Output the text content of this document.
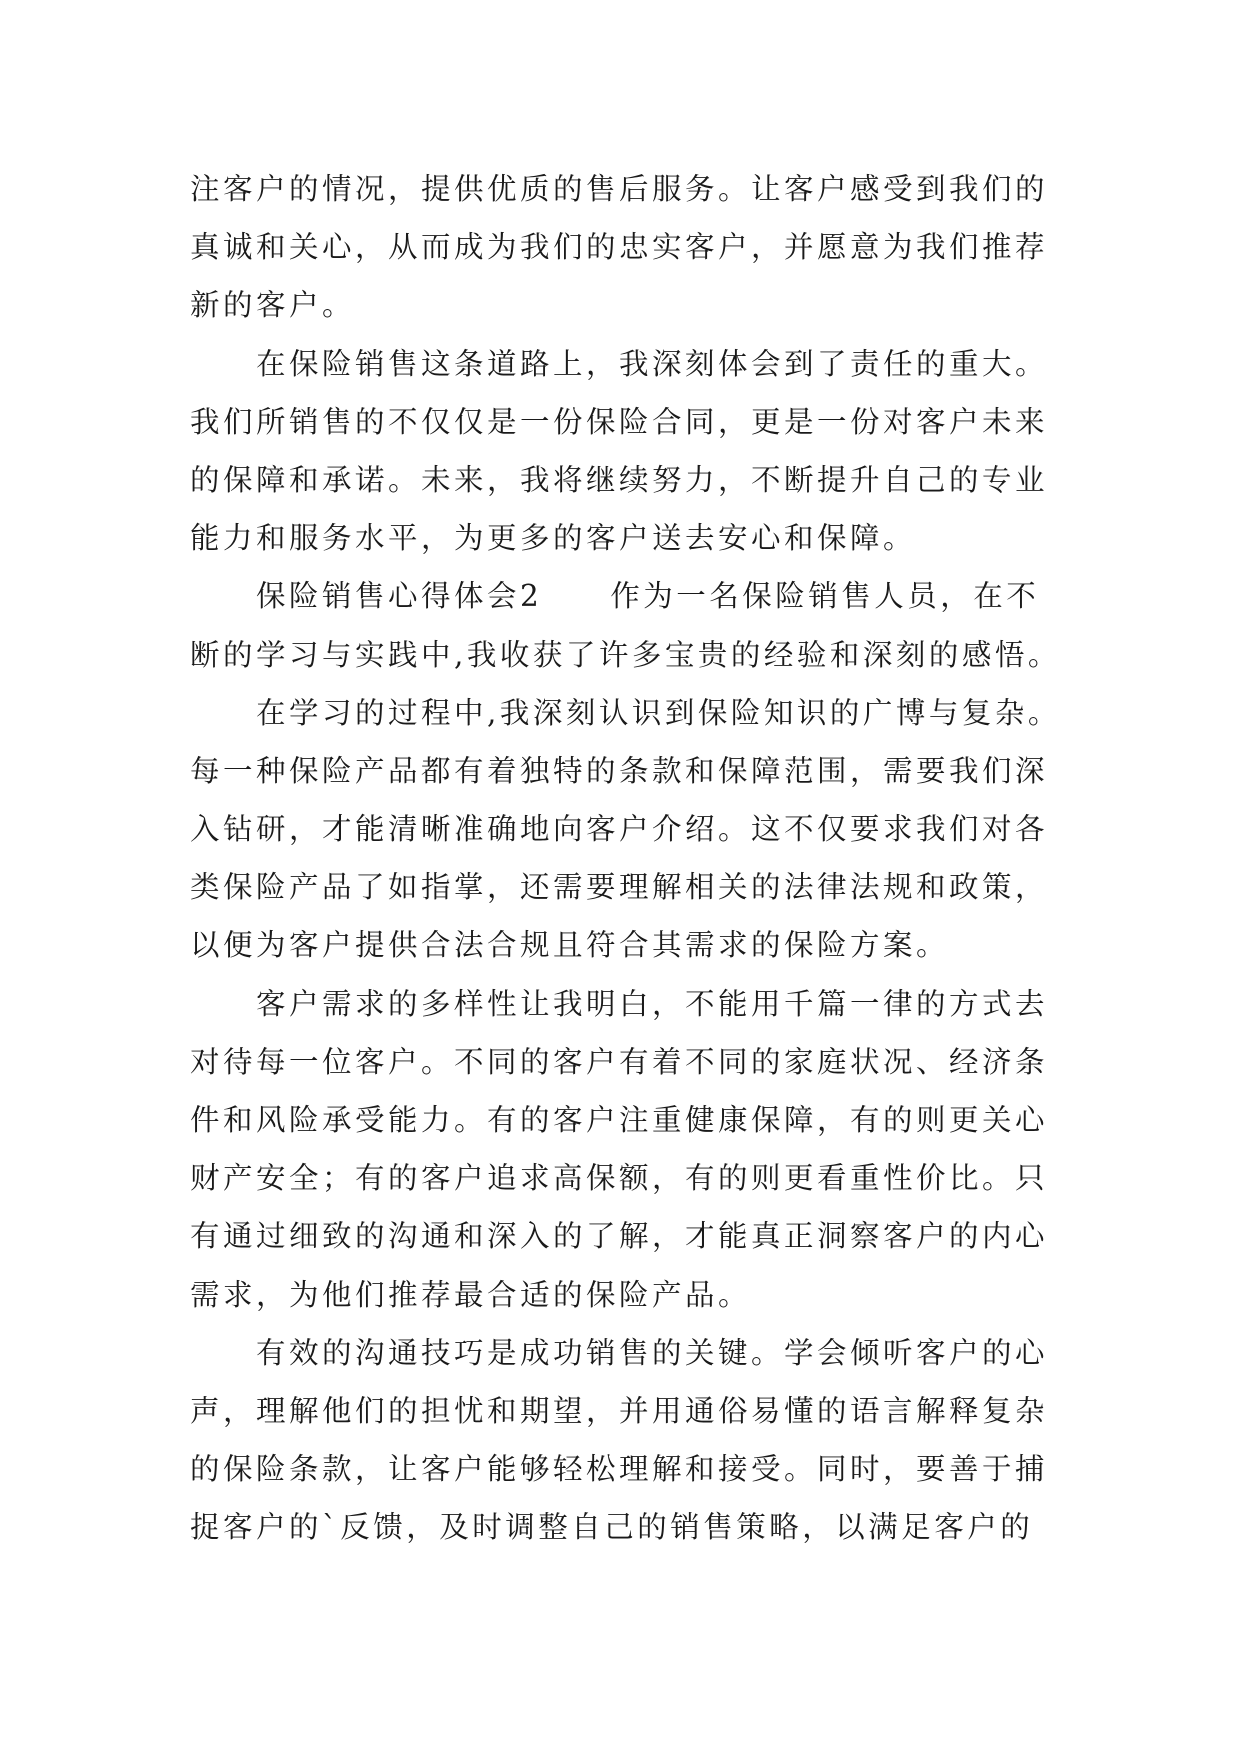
注客户的情况，提供优质的售后服务。让客户感受到我们的
真诚和关心，从而成为我们的忠实客户，并愿意为我们推荐
新的客户。
在保险销售这条道路上，我深刻体会到了责任的重大。
我们所销售的不仅仅是一份保险合同，更是一份对客户未来
的保障和承诺。未来，我将继续努力，不断提升自己的专业
能力和服务水平，为更多的客户送去安心和保障。
保险销售心得体会2 作为一名保险销售人员，在不
断的学习与实践中,我收获了许多宝贵的经验和深刻的感悟。
在学习的过程中,我深刻认识到保险知识的广博与复杂。
每一种保险产品都有着独特的条款和保障范围，需要我们深
入钻研，才能清晰准确地向客户介绍。这不仅要求我们对各
类保险产品了如指掌，还需要理解相关的法律法规和政策，
以便为客户提供合法合规且符合其需求的保险方案。
客户需求的多样性让我明白，不能用千篇一律的方式去
对待每一位客户。不同的客户有着不同的家庭状况、经济条
件和风险承受能力。有的客户注重健康保障，有的则更关心
财产安全；有的客户追求高保额，有的则更看重性价比。只
有通过细致的沟通和深入的了解，才能真正洞察客户的内心
需求，为他们推荐最合适的保险产品。
有效的沟通技巧是成功销售的关键。学会倾听客户的心
声，理解他们的担忧和期望，并用通俗易懂的语言解释复杂
的保险条款，让客户能够轻松理解和接受。同时，要善于捕
捉客户的`反馈，及时调整自己的销售策略，以满足客户的
